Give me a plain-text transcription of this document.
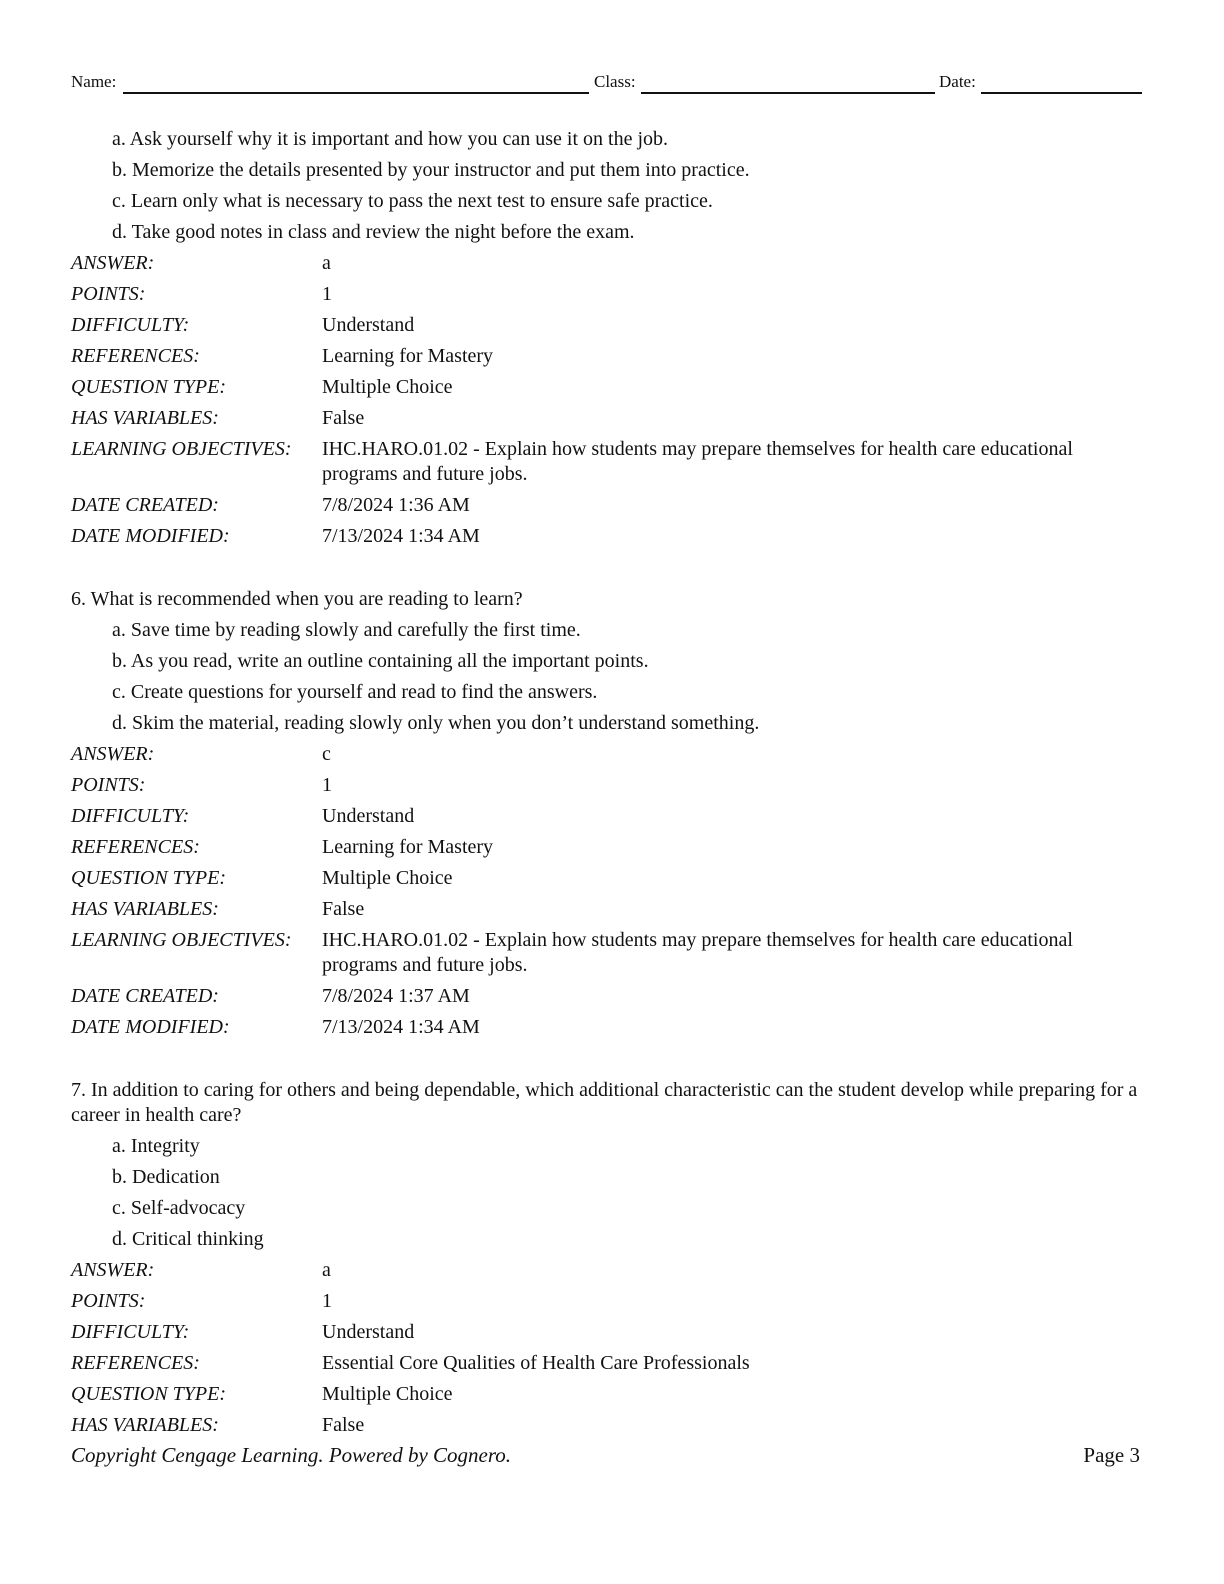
Name:	Class:	Date:
a. Ask yourself why it is important and how you can use it on the job.
b. Memorize the details presented by your instructor and put them into practice.
c. Learn only what is necessary to pass the next test to ensure safe practice.
d. Take good notes in class and review the night before the exam.
ANSWER:	a
POINTS:	1
DIFFICULTY:	Understand
REFERENCES:	Learning for Mastery
QUESTION TYPE:	Multiple Choice
HAS VARIABLES:	False
LEARNING OBJECTIVES:	IHC.HARO.01.02 - Explain how students may prepare themselves for health care educational programs and future jobs.
DATE CREATED:	7/8/2024 1:36 AM
DATE MODIFIED:	7/13/2024 1:34 AM
6. What is recommended when you are reading to learn?
a. Save time by reading slowly and carefully the first time.
b. As you read, write an outline containing all the important points.
c. Create questions for yourself and read to find the answers.
d. Skim the material, reading slowly only when you don’t understand something.
ANSWER:	c
POINTS:	1
DIFFICULTY:	Understand
REFERENCES:	Learning for Mastery
QUESTION TYPE:	Multiple Choice
HAS VARIABLES:	False
LEARNING OBJECTIVES:	IHC.HARO.01.02 - Explain how students may prepare themselves for health care educational programs and future jobs.
DATE CREATED:	7/8/2024 1:37 AM
DATE MODIFIED:	7/13/2024 1:34 AM
7. In addition to caring for others and being dependable, which additional characteristic can the student develop while preparing for a career in health care?
a. Integrity
b. Dedication
c. Self-advocacy
d. Critical thinking
ANSWER:	a
POINTS:	1
DIFFICULTY:	Understand
REFERENCES:	Essential Core Qualities of Health Care Professionals
QUESTION TYPE:	Multiple Choice
HAS VARIABLES:	False
Copyright Cengage Learning. Powered by Cognero.	Page 3
